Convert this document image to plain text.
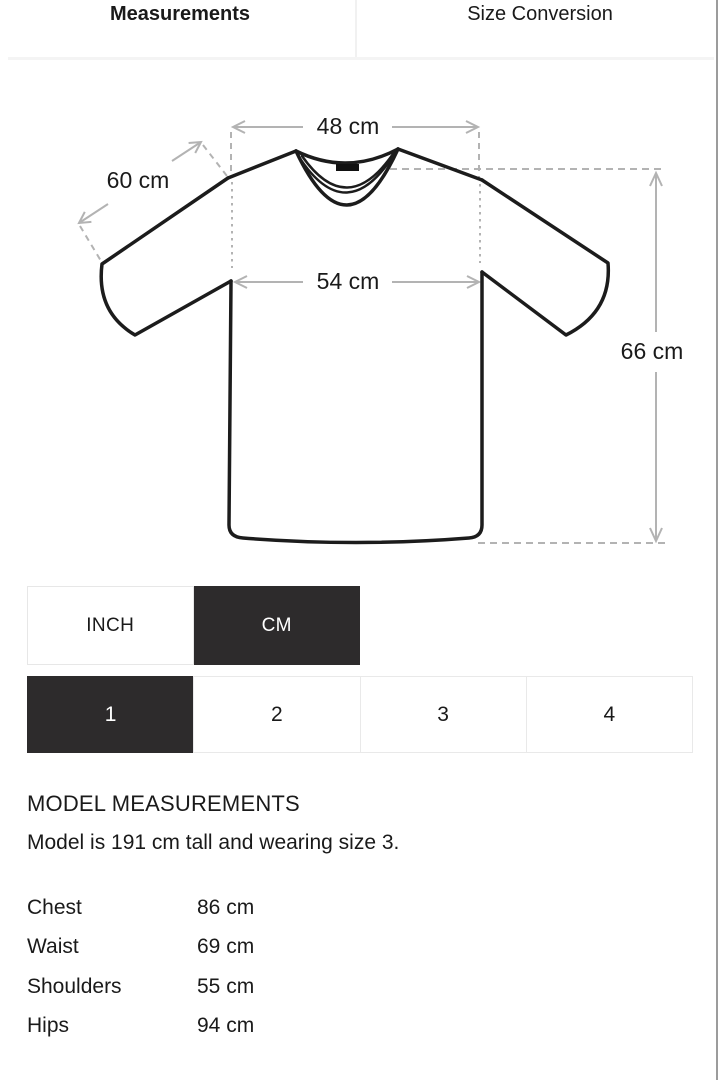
Measurements	Size Conversion
48 cm
60 cm
54 cm
66 cm
INCH	CM
1	2	3	4
MODEL MEASUREMENTS
Model is 191 cm tall and wearing size 3.
Chest	86 cm
Waist	69 cm
Shoulders	55 cm
Hips	94 cm
